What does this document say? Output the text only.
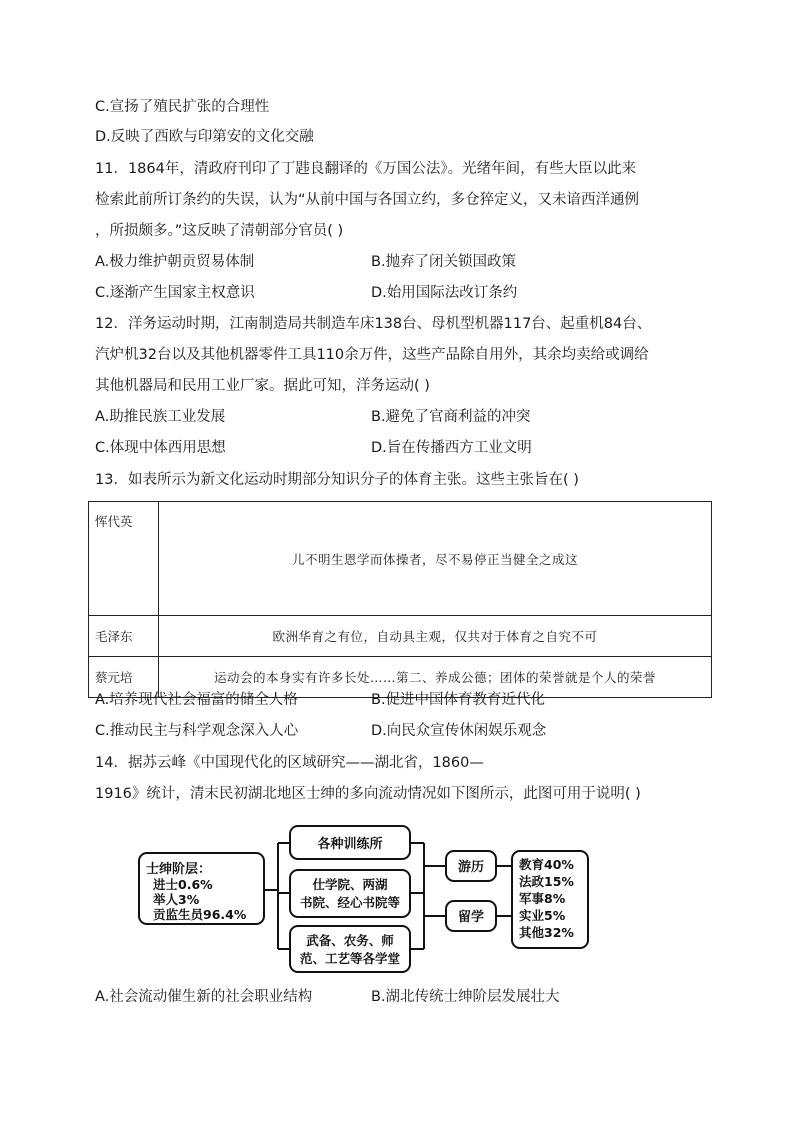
C.宣扬了殖民扩张的合理性
D.反映了西欧与印第安的文化交融
11．1864年，清政府刊印了丁韪良翻译的《万国公法》。光绪年间，有些大臣以此来
检索此前所订条约的失误，认为“从前中国与各国立约，多仓猝定义，又未谙西洋通例
，所损颇多。”这反映了清朝部分官员( )
A.极力维护朝贡贸易体制	B.抛弃了闭关锁国政策
C.逐渐产生国家主权意识	D.始用国际法改订条约
12．洋务运动时期，江南制造局共制造车床138台、母机型机器117台、起重机84台、
汽炉机32台以及其他机器零件工具110余万件，这些产品除自用外，其余均卖给或调给
其他机器局和民用工业厂家。据此可知，洋务运动( )
A.助推民族工业发展	B.避免了官商利益的冲突
C.体现中体西用思想	D.旨在传播西方工业文明
13．如表所示为新文化运动时期部分知识分子的体育主张。这些主张旨在( )
恽代英	儿不明生恩学而体操者，尽不易停正当健全之成这
毛泽东	欧洲华育之有位，自动具主观，仅共对于体育之自究不可
蔡元培	运动会的本身实有许多长处……第二、养成公德；团体的荣誉就是个人的荣誉
A.培养现代社会福富的储全人格	B.促进中国体育教育近代化
C.推动民主与科学观念深入人心	D.向民众宣传休闲娱乐观念
14．据苏云峰《中国现代化的区域研究——湖北省，1860—
1916》统计，清末民初湖北地区士绅的多向流动情况如下图所示，此图可用于说明( )
士绅阶层：
进士0.6%
举人3%
贡监生员96.4%
各种训练所
仕学院、两湖
书院、经心书院等
武备、农务、师
范、工艺等各学堂
游历
留学
教育40%
法政15%
军事8%
实业5%
其他32%
A.社会流动催生新的社会职业结构	B.湖北传统士绅阶层发展壮大
